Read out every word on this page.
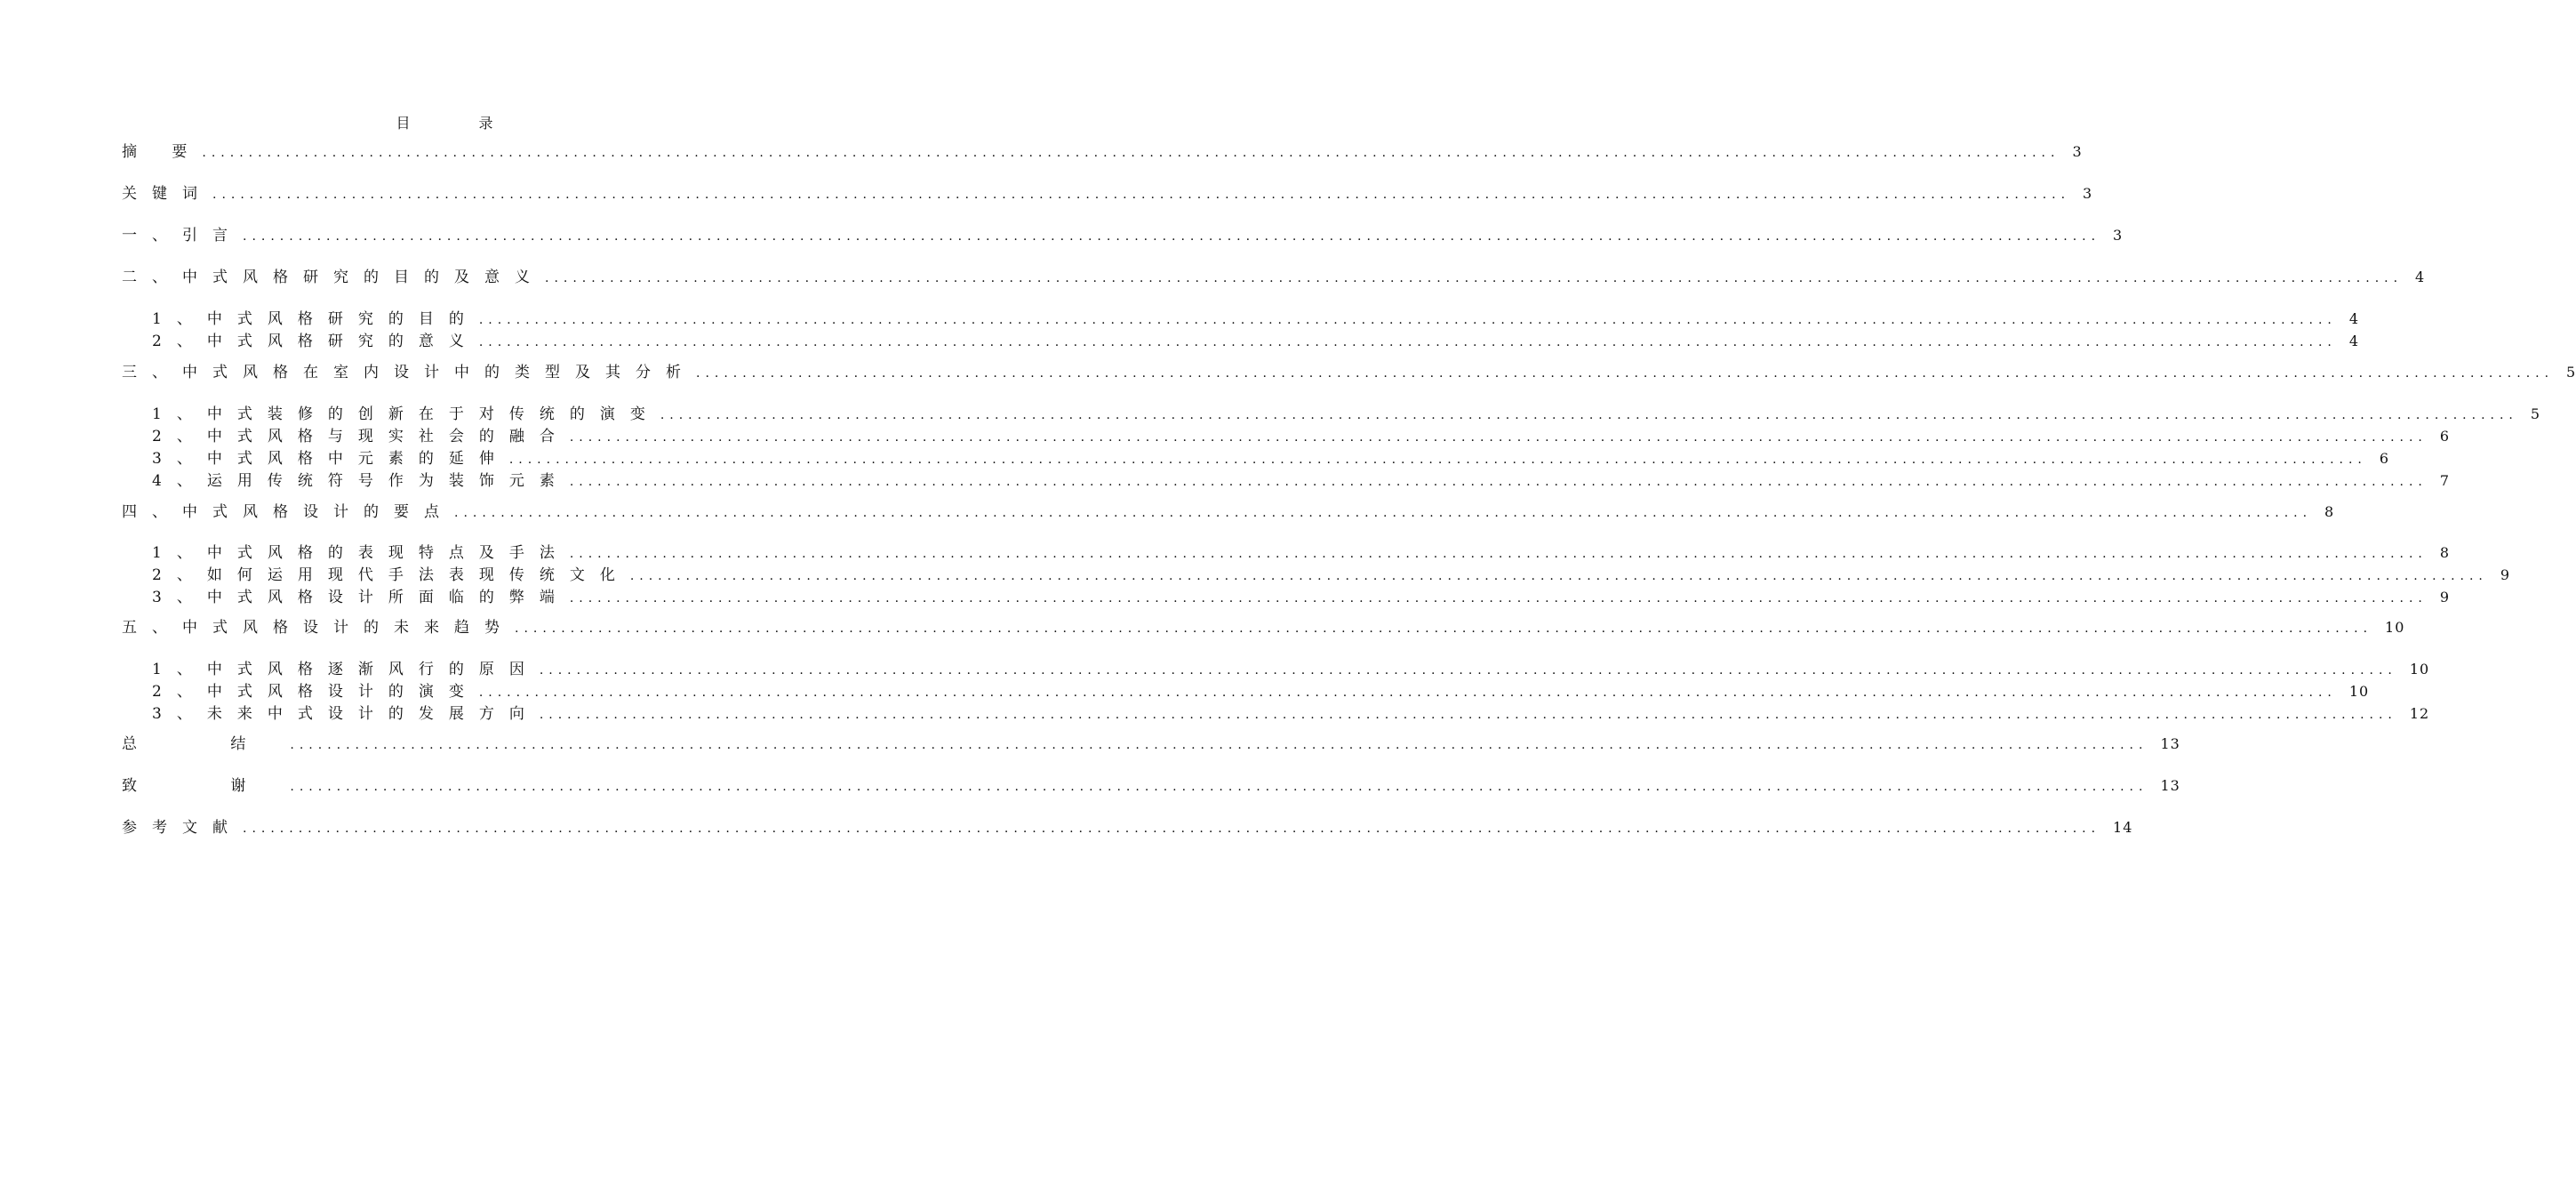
目 录
摘 要 ........................................................................................................................................................................................................ 3
关键词 ........................................................................................................................................................................................................ 3
一、引言 ........................................................................................................................................................................................................ 3
二、中式风格研究的目的及意义 ........................................................................................................................................................................................................ 4
1、中式风格研究的目的 ........................................................................................................................................................................................................ 4
2、中式风格研究的意义 ........................................................................................................................................................................................................ 4
三、中式风格在室内设计中的类型及其分析 ........................................................................................................................................................................................................ 5
1、中式装修的创新在于对传统的演变 ........................................................................................................................................................................................................ 5
2、中式风格与现实社会的融合 ........................................................................................................................................................................................................ 6
3、中式风格中元素的延伸 ........................................................................................................................................................................................................ 6
4、运用传统符号作为装饰元素 ........................................................................................................................................................................................................ 7
四、中式风格设计的要点 ........................................................................................................................................................................................................ 8
1、中式风格的表现特点及手法 ........................................................................................................................................................................................................ 8
2、如何运用现代手法表现传统文化 ........................................................................................................................................................................................................ 9
3、中式风格设计所面临的弊端 ........................................................................................................................................................................................................ 9
五、中式风格设计的未来趋势 ........................................................................................................................................................................................................ 10
1、中式风格逐渐风行的原因 ........................................................................................................................................................................................................ 10
2、中式风格设计的演变 ........................................................................................................................................................................................................ 10
3、未来中式设计的发展方向 ........................................................................................................................................................................................................ 12
总 结 ........................................................................................................................................................................................................ 13
致 谢 ........................................................................................................................................................................................................ 13
参考文献 ........................................................................................................................................................................................................ 14
